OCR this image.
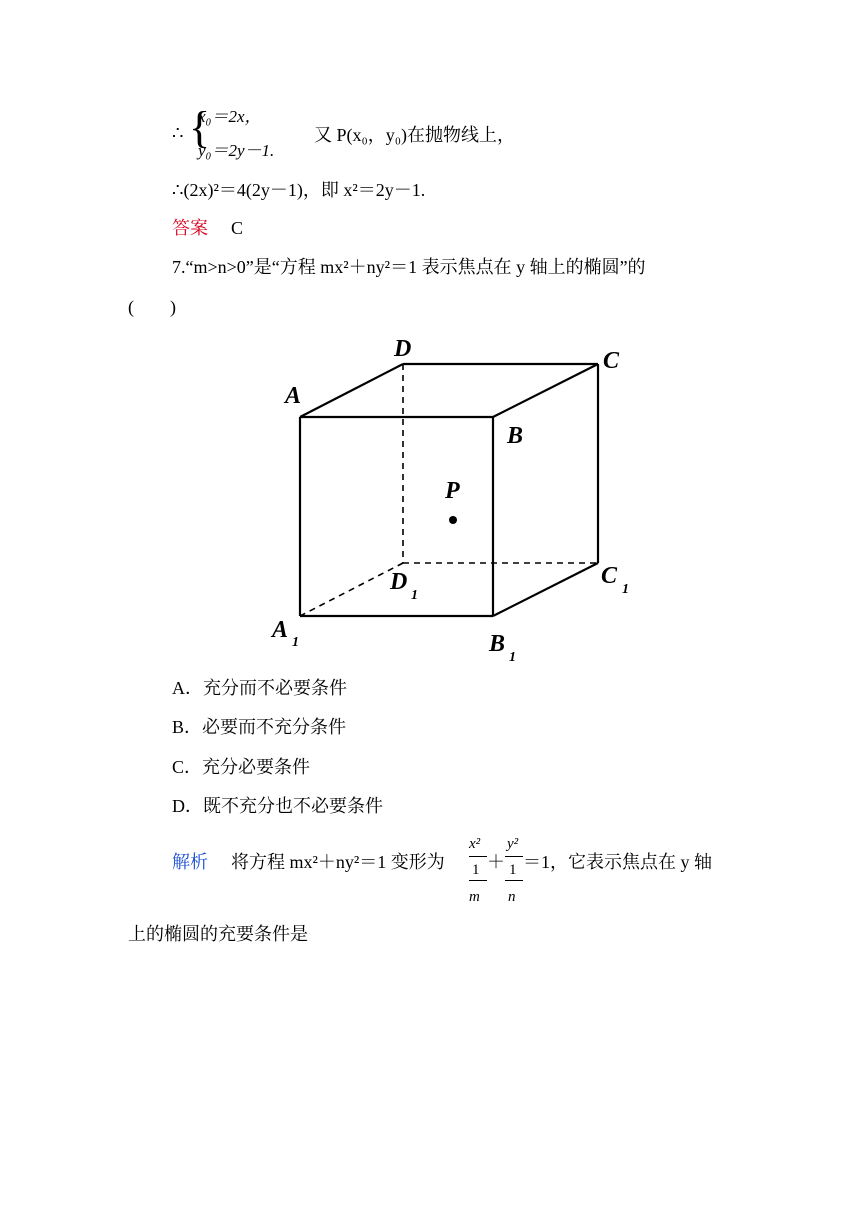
∴ {
x₀＝2x，
y₀＝2y－1.
又 P(x₀，y₀)在抛物线上，
∴(2x)²＝4(2y－1)，即 x²＝2y－1.
答案 C
7.“m>n>0”是“方程 mx²＋ny²＝1 表示焦点在 y 轴上的椭圆”的
(　　)
D	C
A
B
P
D	C
A
B
1	1
1
1
A．充分而不必要条件
B．必要而不充分条件
C．充分必要条件
D．既不充分也不必要条件
解析 将方程 mx²＋ny²＝1 变形为
x²
1
m
＋
y²
1
n
＝1，它表示焦点在 y 轴
上的椭圆的充要条件是
